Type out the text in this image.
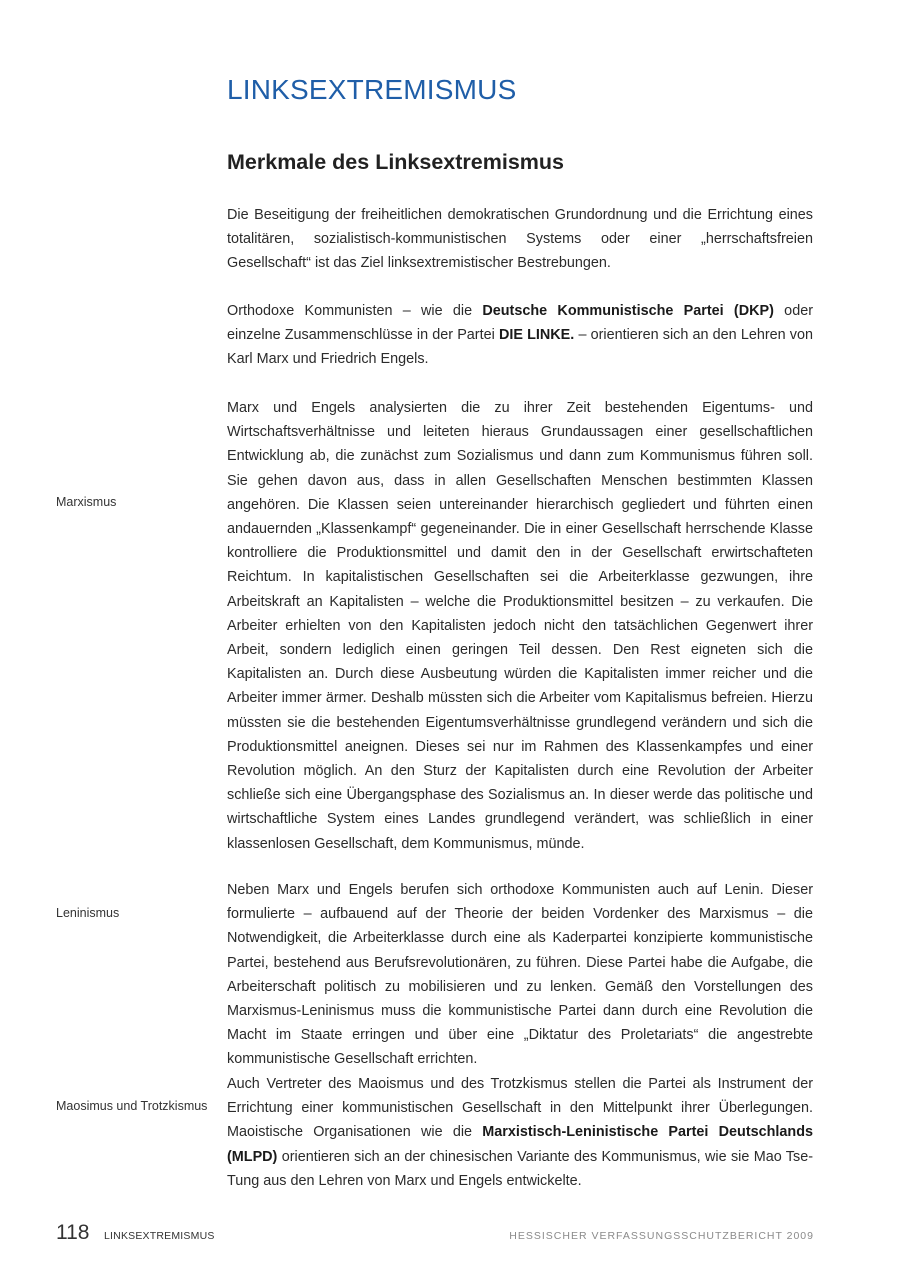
LINKSEXTREMISMUS
Merkmale des Linksextremismus

Die Beseitigung der freiheitlichen demokratischen Grundordnung und die Errichtung eines totalitären, sozialistisch-kommunistischen Systems oder einer „herrschaftsfreien Gesellschaft“ ist das Ziel linksextremistischer Bestrebungen.

Orthodoxe Kommunisten – wie die Deutsche Kommunistische Partei (DKP) oder einzelne Zusammenschlüsse in der Partei DIE LINKE. – orientieren sich an den Lehren von Karl Marx und Friedrich Engels.

Marx und Engels analysierten die zu ihrer Zeit bestehenden Eigentums- und Wirtschaftsverhältnisse und leiteten hieraus Grundaussagen einer gesellschaftlichen Entwicklung ab, die zunächst zum Sozialismus und dann zum Kommunismus führen soll. Sie gehen davon aus, dass in allen Gesellschaften Menschen bestimmten Klassen angehören. Die Klassen seien untereinander hierarchisch gegliedert und führten einen andauernden „Klassenkampf“ gegeneinander. Die in einer Gesellschaft herrschende Klasse kontrolliere die Produktionsmittel und damit den in der Gesellschaft erwirtschafteten Reichtum. In kapitalistischen Gesellschaften sei die Arbeiterklasse gezwungen, ihre Arbeitskraft an Kapitalisten – welche die Produktionsmittel besitzen – zu verkaufen. Die Arbeiter erhielten von den Kapitalisten jedoch nicht den tatsächlichen Gegenwert ihrer Arbeit, sondern lediglich einen geringen Teil dessen. Den Rest eigneten sich die Kapitalisten an. Durch diese Ausbeutung würden die Kapitalisten immer reicher und die Arbeiter immer ärmer. Deshalb müssten sich die Arbeiter vom Kapitalismus befreien. Hierzu müssten sie die bestehenden Eigentumsverhältnisse grundlegend verändern und sich die Produktionsmittel aneignen. Dieses sei nur im Rahmen des Klassenkampfes und einer Revolution möglich. An den Sturz der Kapitalisten durch eine Revolution der Arbeiter schließe sich eine Übergangsphase des Sozialismus an. In dieser werde das politische und wirtschaftliche System eines Landes grundlegend verändert, was schließlich in einer klassenlosen Gesellschaft, dem Kommunismus, münde.

Marxismus

Neben Marx und Engels berufen sich orthodoxe Kommunisten auch auf Lenin. Dieser formulierte – aufbauend auf der Theorie der beiden Vordenker des Marxismus – die Notwendigkeit, die Arbeiterklasse durch eine als Kaderpartei konzipierte kommunistische Partei, bestehend aus Berufsrevolutionären, zu führen. Diese Partei habe die Aufgabe, die Arbeiterschaft politisch zu mobilisieren und zu lenken. Gemäß den Vorstellungen des Marxismus-Leninismus muss die kommunistische Partei dann durch eine Revolution die Macht im Staate erringen und über eine „Diktatur des Proletariats“ die angestrebte kommunistische Gesellschaft errichten.

Leninismus

Auch Vertreter des Maoismus und des Trotzkismus stellen die Partei als Instrument der Errichtung einer kommunistischen Gesellschaft in den Mittelpunkt ihrer Überlegungen. Maoistische Organisationen wie die Marxistisch-Leninistische Partei Deutschlands (MLPD) orientieren sich an der chinesischen Variante des Kommunismus, wie sie Mao Tse-Tung aus den Lehren von Marx und Engels entwickelte.

Maosimus und Trotzkismus
118 LINKSEXTREMISMUS	HESSISCHER VERFASSUNGSSCHUTZBERICHT 2009
